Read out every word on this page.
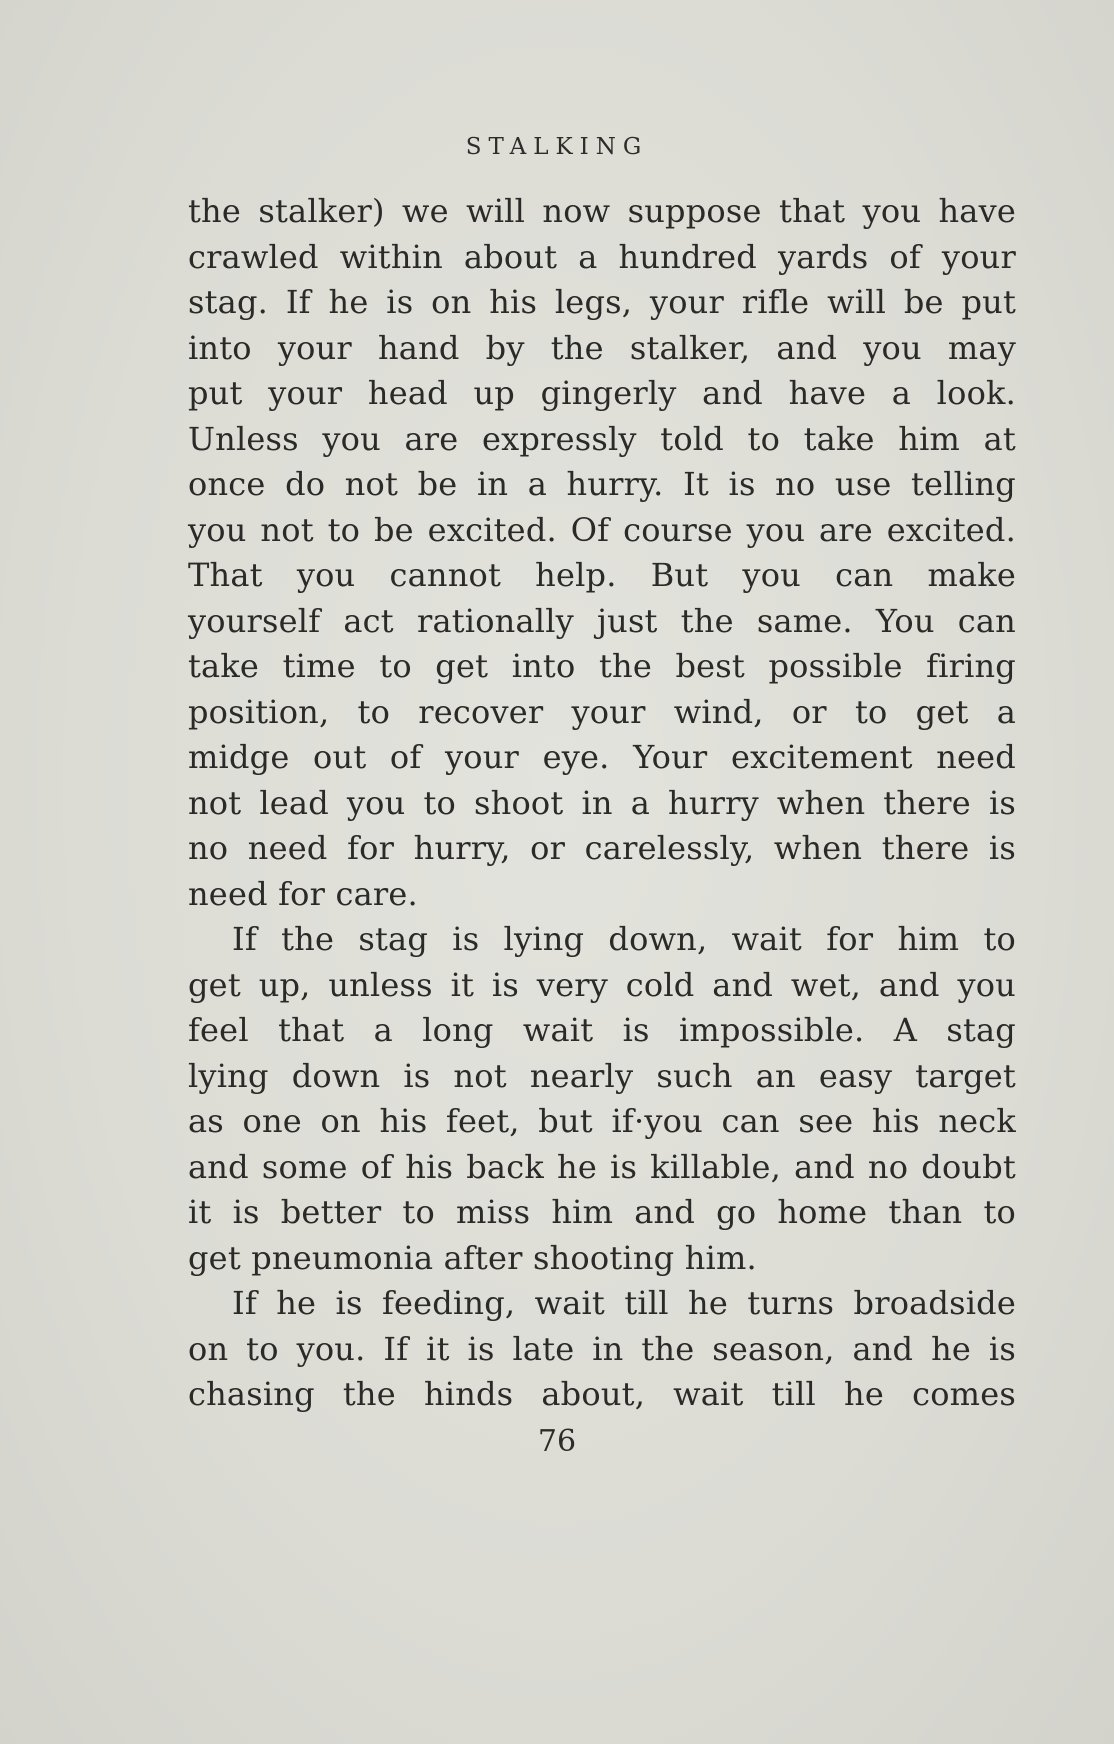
STALKING
the stalker) we will now suppose that you have
crawled within about a hundred yards of your
stag. If he is on his legs, your rifle will be put
into your hand by the stalker, and you may
put your head up gingerly and have a look.
Unless you are expressly told to take him at
once do not be in a hurry. It is no use telling
you not to be excited. Of course you are excited.
That you cannot help. But you can make
yourself act rationally just the same. You can
take time to get into the best possible firing
position, to recover your wind, or to get a
midge out of your eye. Your excitement need
not lead you to shoot in a hurry when there is
no need for hurry, or carelessly, when there is
need for care.
If the stag is lying down, wait for him to
get up, unless it is very cold and wet, and you
feel that a long wait is impossible. A stag
lying down is not nearly such an easy target
as one on his feet, but if·you can see his neck
and some of his back he is killable, and no doubt
it is better to miss him and go home than to
get pneumonia after shooting him.
If he is feeding, wait till he turns broadside
on to you. If it is late in the season, and he is
chasing the hinds about, wait till he comes
76
